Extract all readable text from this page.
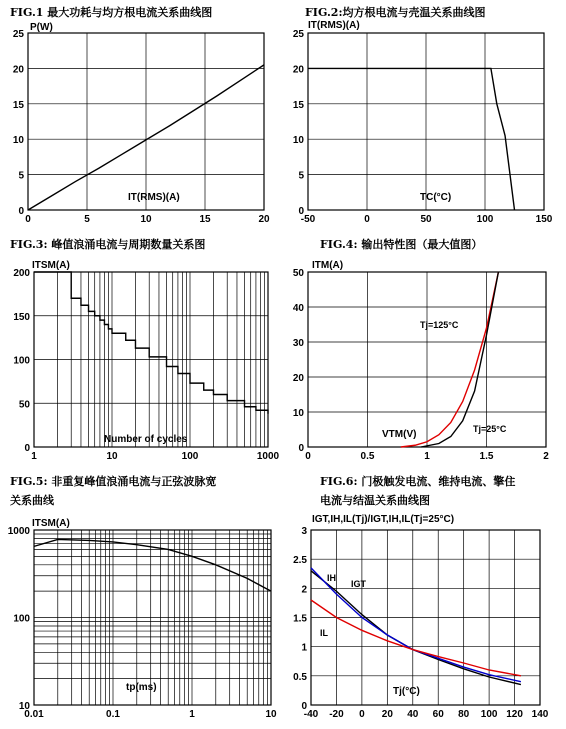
FIG.1 最大功耗与均方根电流关系曲线图	FIG.2:均方根电流与壳温关系曲线图
FIG.3: 峰值浪涌电流与周期数量关系图	FIG.4: 输出特性图（最大值图）
FIG.5: 非重复峰值浪涌电流与正弦波脉宽
关系曲线
FIG.6: 门极触发电流、维持电流、擎住
电流与结温关系曲线图
0	5	10	15	20
0
5
10
15
20
25
P(W)
IT(RMS)(A)
-50	0	50	100	150
0
5
10
15
20
25
IT(RMS)(A)
TC(°C)
1	10	100	1000
0
50
100
150
200
ITSM(A)
Number of cycles
0	0.5	1	1.5	2
0
10
20
30
40
50
ITM(A)
VTM(V)
0.01	0.1	1	10
10
100
1000
ITSM(A)
tp(ms)
-40 -20 0 20 40 60 80 100 120 140
0
0.5
1
1.5
2
2.5
3
IGT,IH,IL(Tj)/IGT,IH,IL(Tj=25°C)
Tj(°C)
Tj=125°C
Tj=25°C
IH
IGT
IL
